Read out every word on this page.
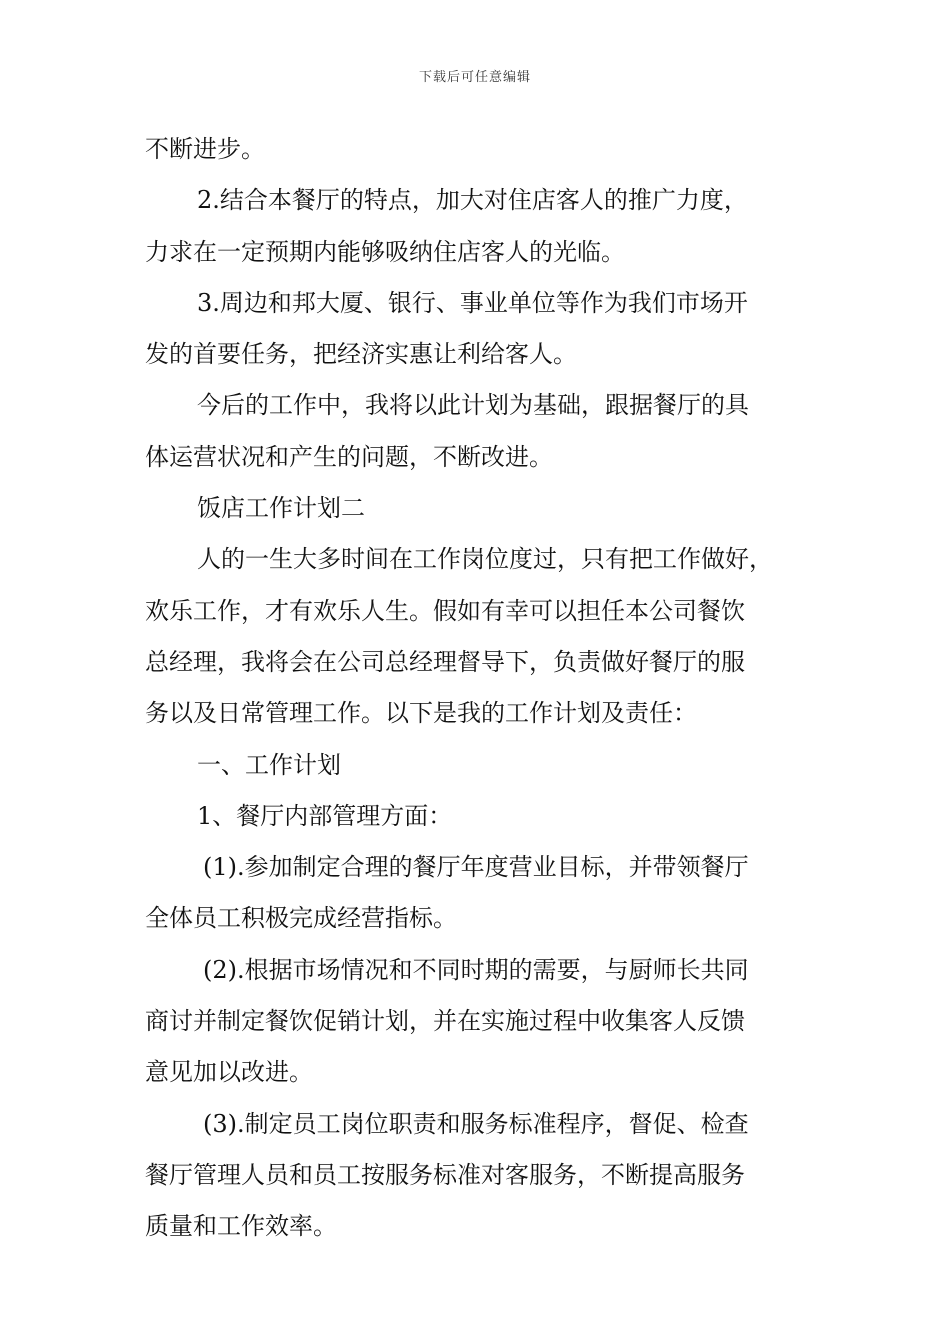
下载后可任意编辑
不断进步。
2.结合本餐厅的特点，加大对住店客人的推广力度，
力求在一定预期内能够吸纳住店客人的光临。
3.周边和邦大厦、银行、事业单位等作为我们市场开
发的首要任务，把经济实惠让利给客人。
今后的工作中，我将以此计划为基础，跟据餐厅的具
体运营状况和产生的问题，不断改进。
饭店工作计划二
人的一生大多时间在工作岗位度过，只有把工作做好，
欢乐工作，才有欢乐人生。假如有幸可以担任本公司餐饮
总经理，我将会在公司总经理督导下，负责做好餐厅的服
务以及日常管理工作。以下是我的工作计划及责任：
一、工作计划
1、餐厅内部管理方面：
(1).参加制定合理的餐厅年度营业目标，并带领餐厅
全体员工积极完成经营指标。
(2).根据市场情况和不同时期的需要，与厨师长共同
商讨并制定餐饮促销计划，并在实施过程中收集客人反馈
意见加以改进。
(3).制定员工岗位职责和服务标准程序，督促、检查
餐厅管理人员和员工按服务标准对客服务，不断提高服务
质量和工作效率。
